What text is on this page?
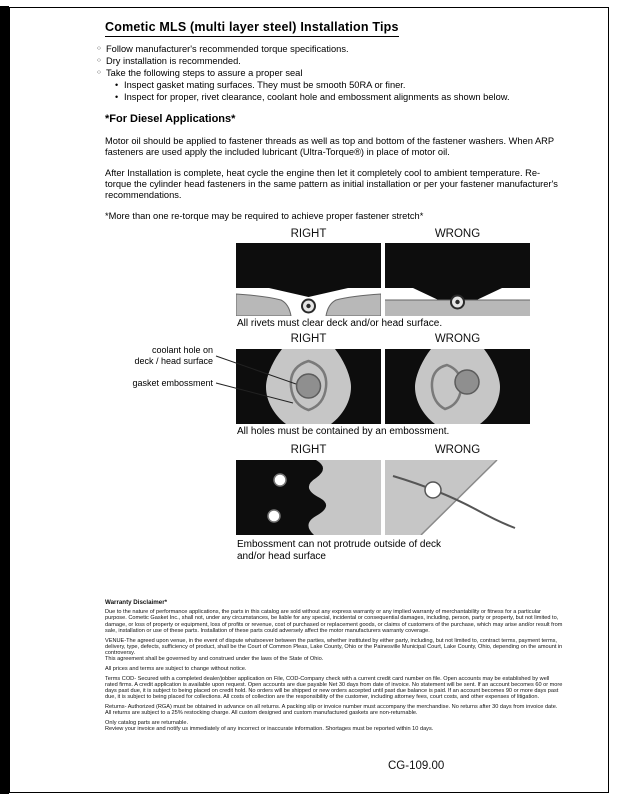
Cometic MLS (multi layer steel) Installation Tips
○ Follow manufacturer's recommended torque specifications.
○ Dry installation is recommended.
○ Take the following steps to assure a proper seal
• Inspect gasket mating surfaces. They must be smooth 50RA or finer.
• Inspect for proper, rivet clearance, coolant hole and embossment alignments as shown below.
*For Diesel Applications*

Motor oil should be applied to fastener threads as well as top and bottom of the fastener washers. When ARP fasteners are used apply the included lubricant (Ultra-Torque®) in place of motor oil.

After Installation is complete, heat cycle the engine then let it completely cool to ambient temperature. Re-torque the cylinder head fasteners in the same pattern as initial installation or per your fastener manufacturer's recommendations.

*More than one re-torque may be required to achieve proper fastener stretch*

RIGHT	WRONG
All rivets must clear deck and/or head surface.
RIGHT	WRONG
coolant hole on
deck / head surface
gasket embossment
All holes must be contained by an embossment.
RIGHT	WRONG
Embossment can not protrude outside of deck
and/or head surface
Warranty Disclaimer*

Due to the nature of performance applications, the parts in this catalog are sold without any express warranty or any implied warranty of merchantability or fitness for a particular purpose. Cometic Gasket Inc., shall not, under any circumstances, be liable for any special, incidental or consequential damages, including, person, party or property, but not limited to, damage, or loss of property or equipment, loss of profits or revenue, cost of purchased or replacement goods, or claims of customers of the purchase, which may arise and/or result from sale, installation or use of these parts. Installation of these parts could adversely affect the motor manufacturers warranty coverage.

VENUE-The agreed upon venue, in the event of dispute whatsoever between the parties, whether instituted by either party, including, but not limited to, contract terms, payment terms, delivery, type, defects, sufficiency of product, shall be the Court of Common Pleas, Lake County, Ohio or the Painesville Municipal Court, Lake County, Ohio, depending on the amount in controversy.

This agreement shall be governed by and construed under the laws of the State of Ohio.

All prices and terms are subject to change without notice.

Terms COD- Secured with a completed dealer/jobber application on File, COD-Company check with a current credit card number on file. Open accounts may be established by well rated firms. A credit application is available upon request. Open accounts are due payable Net 30 days from date of invoice. No statement will be sent. If an account becomes 60 or more days past due, it is subject to being placed on credit hold. No orders will be shipped or new orders accepted until past due balance is paid. If an account becomes 90 or more days past due, it is subject to being placed for collections. All costs of collection are the responsibility of the customer, including attorney fees, court costs, and other expenses of litigation.

Returns- Authorized (RGA) must be obtained in advance on all returns. A packing slip or invoice number must accompany the merchandise. No returns after 30 days from invoice date. All returns are subject to a 25% restocking charge. All custom designed and custom manufactured gaskets are non-returnable.

Only catalog parts are returnable.

Review your invoice and notify us immediately of any incorrect or inaccurate information. Shortages must be reported within 10 days.

CG-109.00
